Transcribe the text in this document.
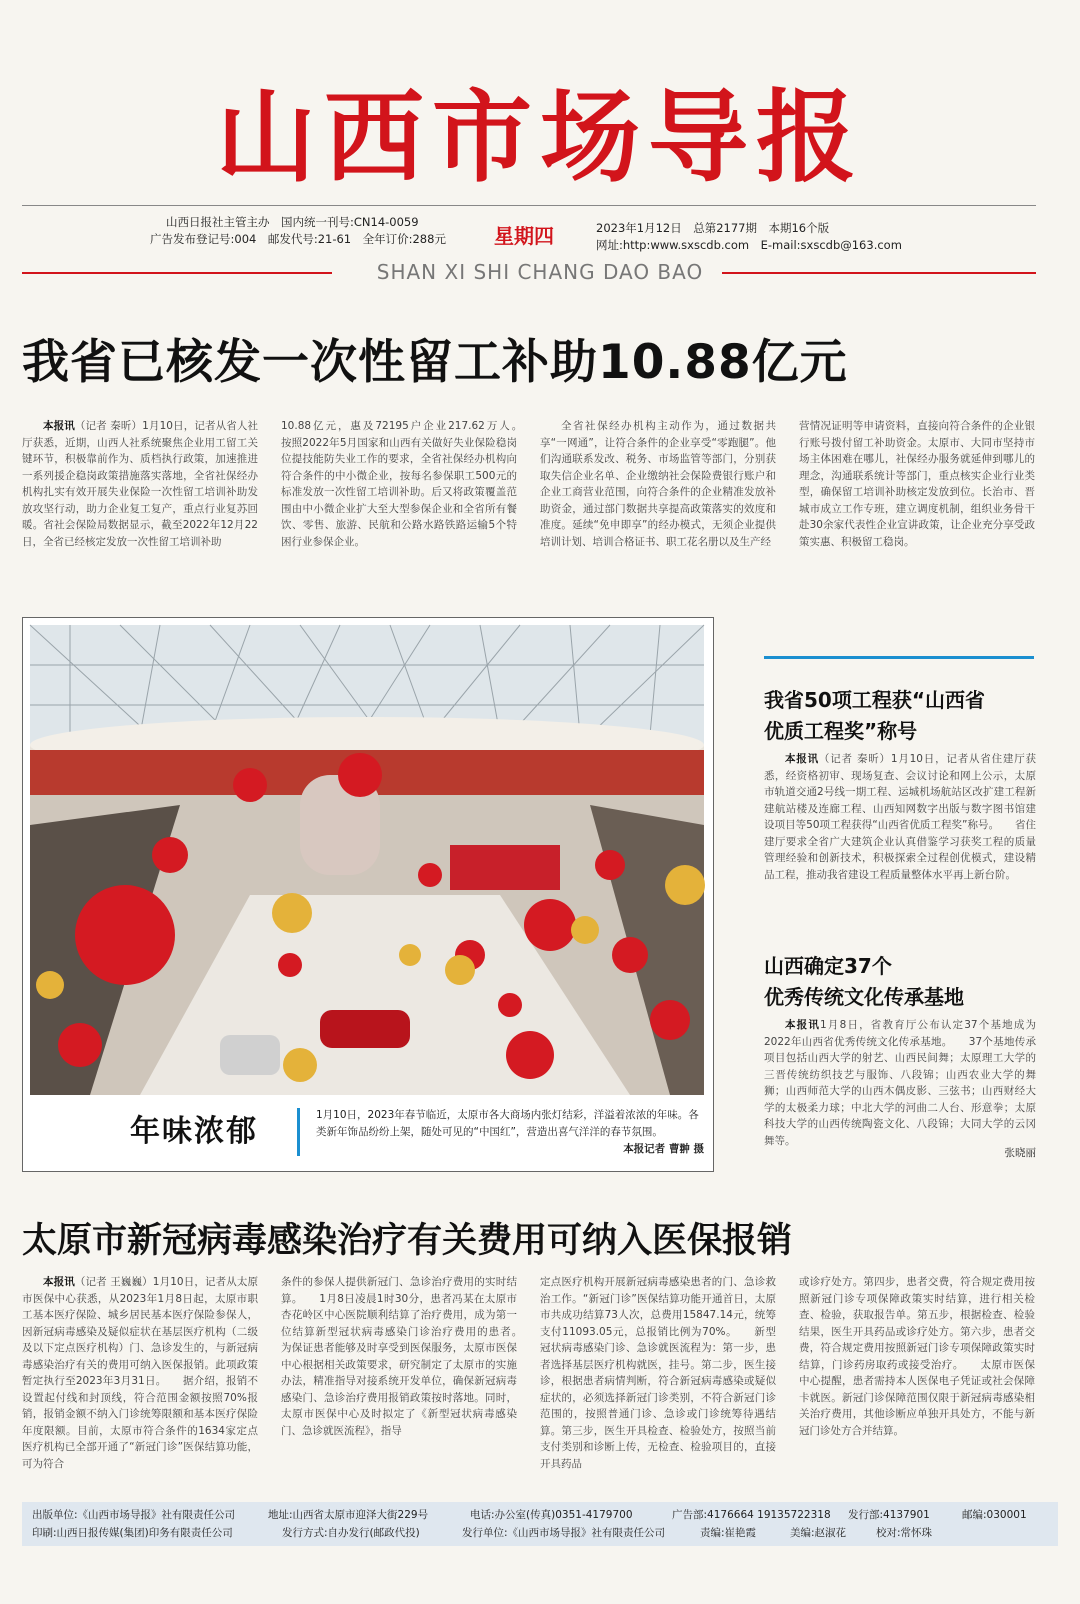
山西市场导报
山西日报社主管主办　国内统一刊号:CN14-0059
广告发布登记号:004　邮发代号:21-61　全年订价:288元 星期四	2023年1月12日　总第2177期　本期16个版
网址:http:www.sxscdb.com　E-mail:sxscdb@163.com
SHAN XI SHI CHANG DAO BAO
我省已核发一次性留工补助10.88亿元
本报讯（记者 秦昕）1月10日，记者从省人社厅获悉，近期，山西人社系统聚焦企业用工留工关键环节，积极靠前作为、质档执行政策，加速推进一系列援企稳岗政策措施落实落地，全省社保经办机构扎实有效开展失业保险一次性留工培训补助发放攻坚行动，助力企业复工复产，重点行业复苏回暖。省社会保险局数据显示，截至2022年12月22日，全省已经核定发放一次性留工培训补助
10.88亿元，惠及72195户企业217.62万人。　　按照2022年5月国家和山西有关做好失业保险稳岗位提技能防失业工作的要求，全省社保经办机构向符合条件的中小微企业，按每名参保职工500元的标准发放一次性留工培训补助。后又将政策覆盖范围由中小微企业扩大至大型参保企业和全省所有餐饮、零售、旅游、民航和公路水路铁路运输5个特困行业参保企业。
全省社保经办机构主动作为，通过数据共享“一网通”，让符合条件的企业享受“零跑腿”。他们沟通联系发改、税务、市场监管等部门，分别获取失信企业名单、企业缴纳社会保险费银行账户和企业工商营业范围，向符合条件的企业精准发放补助资金，通过部门数据共享提高政策落实的效度和准度。延续“免申即享”的经办模式，无须企业提供培训计划、培训合格证书、职工花名册以及生产经
营情况证明等申请资料，直接向符合条件的企业银行账号拨付留工补助资金。太原市、大同市坚持市场主体困难在哪儿，社保经办服务就延伸到哪儿的理念，沟通联系统计等部门，重点核实企业行业类型，确保留工培训补助核定发放到位。长治市、晋城市成立工作专班，建立调度机制，组织业务骨干赴30余家代表性企业宣讲政策，让企业充分享受政策实惠、积极留工稳岗。
年味浓郁	1月10日，2023年春节临近，太原市各大商场内张灯结彩，洋溢着浓浓的年味。各类新年饰品纷纷上架，随处可见的“中国红”，营造出喜气洋洋的春节氛围。
本报记者 曹翀 摄
我省50项工程获“山西省
优质工程奖”称号
本报讯（记者 秦昕）1月10日，记者从省住建厅获悉，经资格初审、现场复查、会议讨论和网上公示，太原市轨道交通2号线一期工程、运城机场航站区改扩建工程新建航站楼及连廊工程、山西知网数字出版与数字图书馆建设项目等50项工程获得“山西省优质工程奖”称号。　　省住建厅要求全省广大建筑企业认真借鉴学习获奖工程的质量管理经验和创新技术，积极探索全过程创优模式，建设精品工程，推动我省建设工程质量整体水平再上新台阶。
山西确定37个
优秀传统文化传承基地
本报讯1月8日，省教育厅公布认定37个基地成为2022年山西省优秀传统文化传承基地。　　37个基地传承项目包括山西大学的射艺、山西民间舞；太原理工大学的三晋传统纺织技艺与服饰、八段锦；山西农业大学的舞狮；山西师范大学的山西木偶皮影、三弦书；山西财经大学的太极柔力球；中北大学的河曲二人台、形意拳；太原科技大学的山西传统陶瓷文化、八段锦；大同大学的云冈舞等。
张晓丽
太原市新冠病毒感染治疗有关费用可纳入医保报销
本报讯（记者 王巍巍）1月10日，记者从太原市医保中心获悉，从2023年1月8日起，太原市职工基本医疗保险、城乡居民基本医疗保险参保人，因新冠病毒感染及疑似症状在基层医疗机构（二级及以下定点医疗机构）门、急诊发生的，与新冠病毒感染治疗有关的费用可纳入医保报销。此项政策暂定执行至2023年3月31日。　　据介绍，报销不设置起付线和封顶线，符合范围金额按照70%报销，报销金额不纳入门诊统筹限额和基本医疗保险年度限额。目前，太原市符合条件的1634家定点医疗机构已全部开通了“新冠门诊”医保结算功能，可为符合
条件的参保人提供新冠门、急诊治疗费用的实时结算。　　1月8日凌晨1时30分，患者冯某在太原市杏花岭区中心医院顺利结算了治疗费用，成为第一位结算新型冠状病毒感染门诊治疗费用的患者。　　为保证患者能够及时享受到医保服务，太原市医保中心根据相关政策要求，研究制定了太原市的实施办法，精准指导对接系统开发单位，确保新冠病毒感染门、急诊治疗费用报销政策按时落地。同时，太原市医保中心及时拟定了《新型冠状病毒感染门、急诊就医流程》，指导
定点医疗机构开展新冠病毒感染患者的门、急诊救治工作。“新冠门诊”医保结算功能开通首日，太原市共成功结算73人次，总费用15847.14元，统筹支付11093.05元，总报销比例为70%。　　新型冠状病毒感染门诊、急诊就医流程为：第一步，患者选择基层医疗机构就医，挂号。第二步，医生接诊，根据患者病情判断，符合新冠病毒感染或疑似症状的，必须选择新冠门诊类别，不符合新冠门诊范围的，按照普通门诊、急诊或门诊统筹待遇结算。第三步，医生开具检查、检验处方，按照当前支付类别和诊断上传，无检查、检验项目的，直接开具药品
或诊疗处方。第四步，患者交费，符合规定费用按照新冠门诊专项保障政策实时结算，进行相关检查、检验，获取报告单。第五步，根据检查、检验结果，医生开具药品或诊疗处方。第六步，患者交费，符合规定费用按照新冠门诊专项保障政策实时结算，门诊药房取药或接受治疗。　　太原市医保中心提醒，患者需持本人医保电子凭证或社会保障卡就医。新冠门诊保障范围仅限于新冠病毒感染相关治疗费用，其他诊断应单独开具处方，不能与新冠门诊处方合并结算。
出版单位:《山西市场导报》社有限责任公司	地址:山西省太原市迎泽大街229号	电话:办公室(传真)0351-4179700	广告部:4176664 19135722318 发行部:4137901	邮编:030001
印刷:山西日报传媒(集团)印务有限责任公司	发行方式:自办发行(邮政代投)	发行单位:《山西市场导报》社有限责任公司	责编:崔艳霞	美编:赵淑花	校对:常怀珠
